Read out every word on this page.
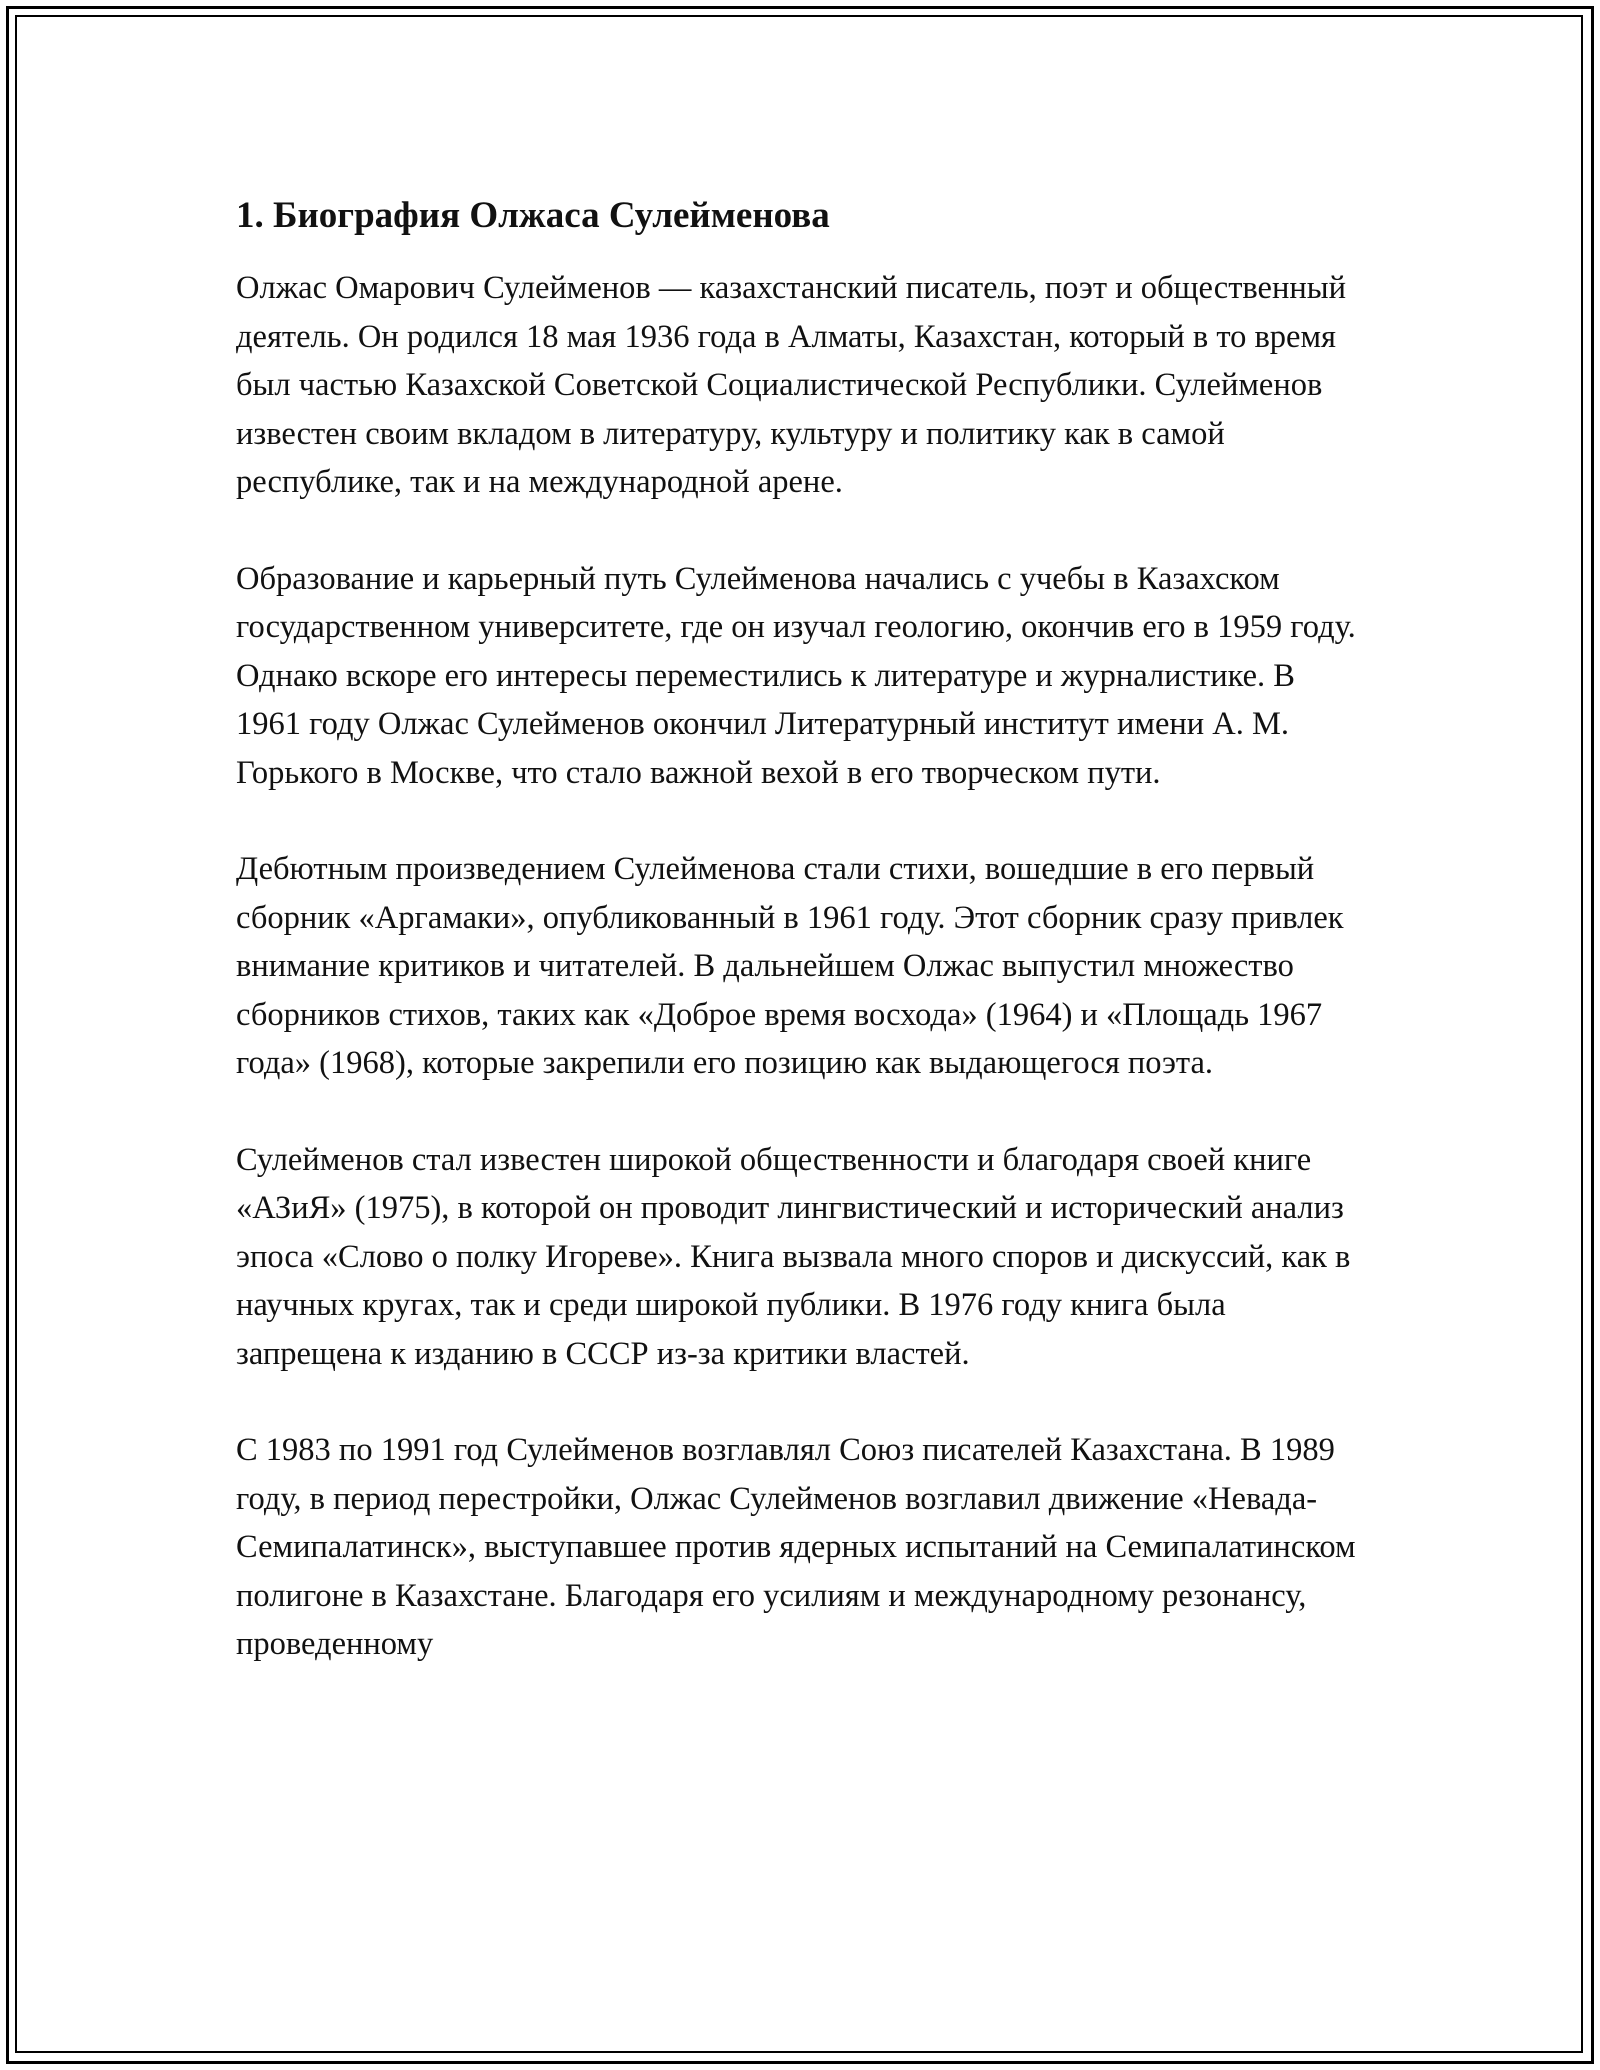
1. Биография Олжаса Сулейменова

Олжас Омарович Сулейменов — казахстанский писатель, поэт и общественный деятель. Он родился 18 мая 1936 года в Алматы, Казахстан, который в то время был частью Казахской Советской Социалистической Республики. Сулейменов известен своим вкладом в литературу, культуру и политику как в самой республике, так и на международной арене.

Образование и карьерный путь Сулейменова начались с учебы в Казахском государственном университете, где он изучал геологию, окончив его в 1959 году. Однако вскоре его интересы переместились к литературе и журналистике. В 1961 году Олжас Сулейменов окончил Литературный институт имени А. М. Горького в Москве, что стало важной вехой в его творческом пути.

Дебютным произведением Сулейменова стали стихи, вошедшие в его первый сборник «Аргамаки», опубликованный в 1961 году. Этот сборник сразу привлек внимание критиков и читателей. В дальнейшем Олжас выпустил множество сборников стихов, таких как «Доброе время восхода» (1964) и «Площадь 1967 года» (1968), которые закрепили его позицию как выдающегося поэта.

Сулейменов стал известен широкой общественности и благодаря своей книге «АЗиЯ» (1975), в которой он проводит лингвистический и исторический анализ эпоса «Слово о полку Игореве». Книга вызвала много споров и дискуссий, как в научных кругах, так и среди широкой публики. В 1976 году книга была запрещена к изданию в СССР из-за критики властей.

С 1983 по 1991 год Сулейменов возглавлял Союз писателей Казахстана. В 1989 году, в период перестройки, Олжас Сулейменов возглавил движение «Невада-Семипалатинск», выступавшее против ядерных испытаний на Семипалатинском полигоне в Казахстане. Благодаря его усилиям и международному резонансу, проведенному
